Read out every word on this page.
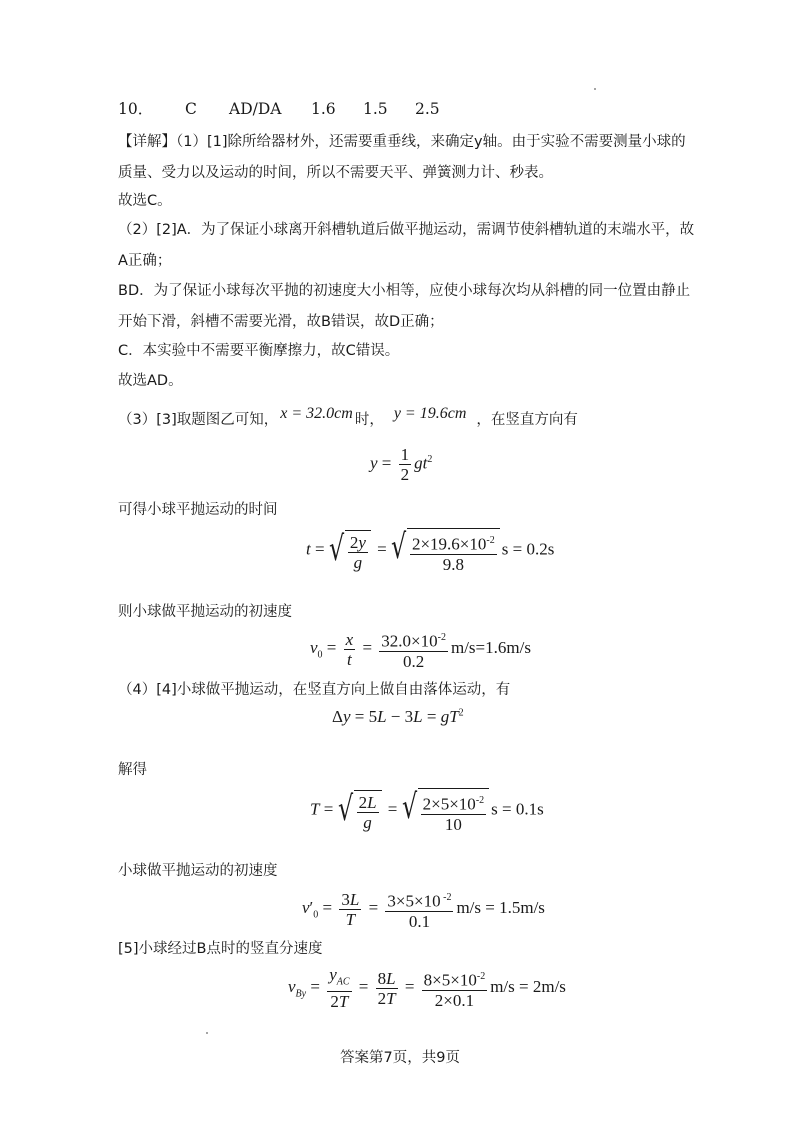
10． C AD/DA 1.6 1.5 2.5
【详解】（1）[1]除所给器材外，还需要重垂线，来确定y轴。由于实验不需要测量小球的
质量、受力以及运动的时间，所以不需要天平、弹簧测力计、秒表。
故选C。
（2）[2]A．为了保证小球离开斜槽轨道后做平抛运动，需调节使斜槽轨道的末端水平，故
A正确；
BD．为了保证小球每次平抛的初速度大小相等，应使小球每次均从斜槽的同一位置由静止
开始下滑，斜槽不需要光滑，故B错误，故D正确；
C．本实验中不需要平衡摩擦力，故C错误。
故选AD。
（3）[3]取题图乙可知， x = 32.0cm 时， y = 19.6cm ，在竖直方向有
$y = \frac{1}{2} gt^2$
可得小球平抛运动的时间
t = √ $\frac{2y}{g}$ = √ $\frac{2\times 19.6\times 10^{-2}}{9.8}$ s = 0.2s
则小球做平抛运动的初速度
$v_0 = \frac{x}{t} = \frac{32.0\times 10^{-2}}{0.2} m/s=1.6m/s$
（4）[4]小球做平抛运动，在竖直方向上做自由落体运动，有
$\Delta y = 5L - 3L = gT^2$
解得
T = √ $\frac{2L}{g}$ = √ $\frac{2\times 5\times 10^{-2}}{10}$ s = 0.1s
小球做平抛运动的初速度
$v'_0 = \frac{3L}{T} = \frac{3\times 5\times 10 ^{-2}}{0.1} m/s = 1.5m/s$
[5]小球经过B点时的竖直分速度
$v_{By} = \frac{y_{AC}}{2T} = \frac{8L}{2T} = \frac{8\times 5\times 10^{-2}}{2\times 0.1} m/s = 2m/s$
答案第7页，共9页
